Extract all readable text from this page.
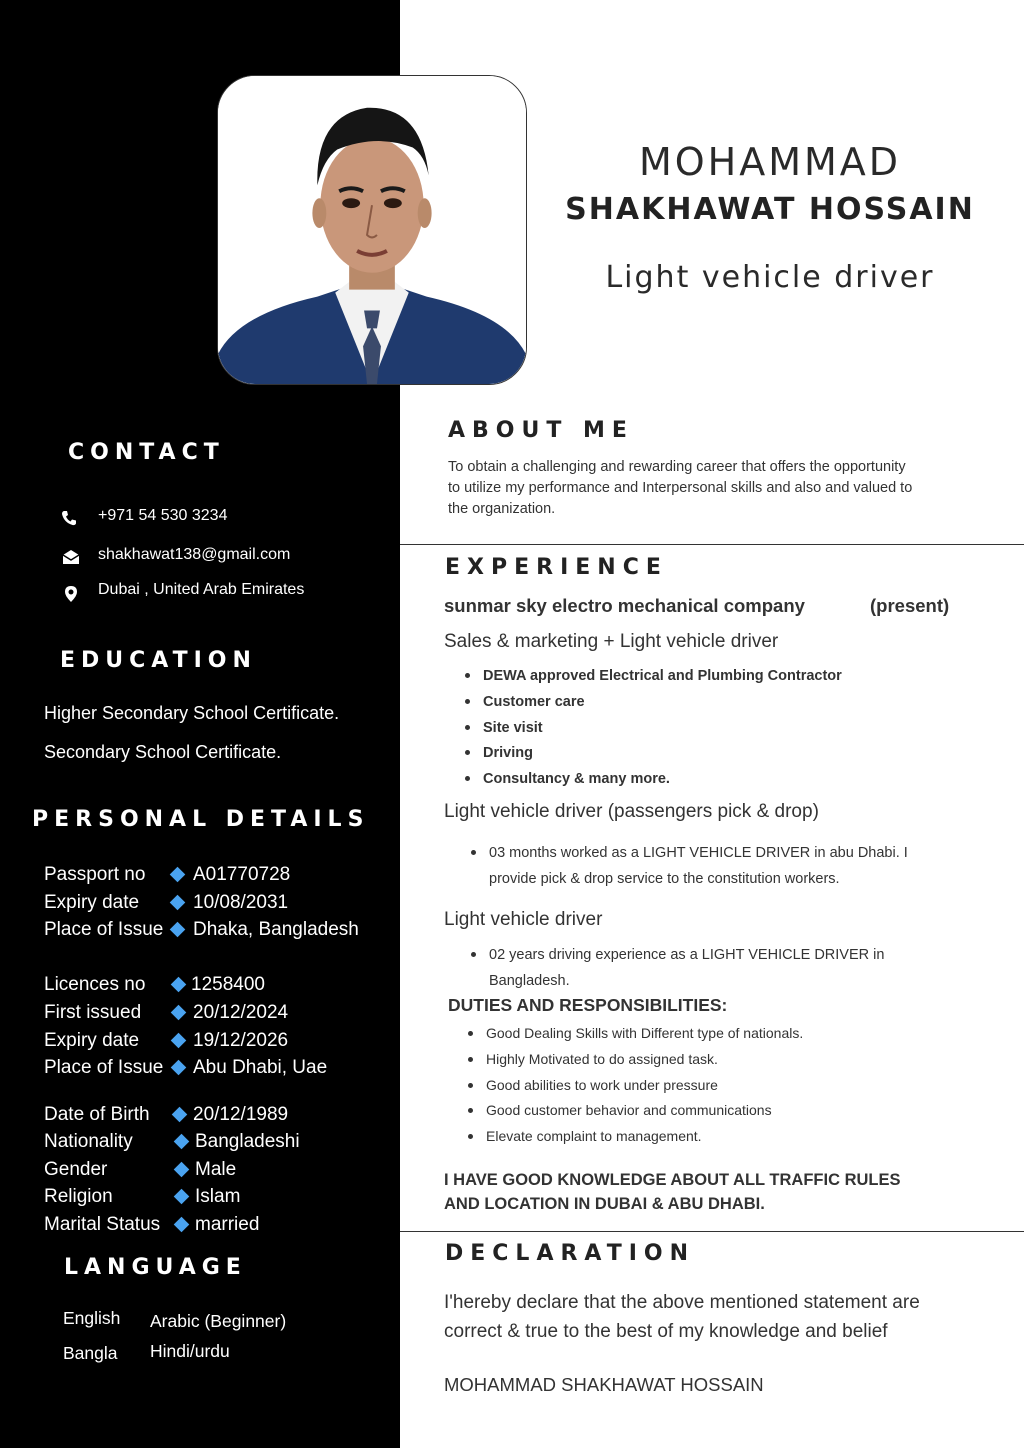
MOHAMMAD
SHAKHAWAT HOSSAIN
Light vehicle driver
CONTACT
+971 54 530 3234
shakhawat138@gmail.com
Dubai , United Arab Emirates
EDUCATION
Higher Secondary School Certificate.
Secondary School Certificate.
PERSONAL DETAILS
Passport no	A01770728
Expiry date	10/08/2031
Place of Issue Dhaka, Bangladesh
Licences no 1258400
First issued	20/12/2024
Expiry date	19/12/2026
Place of Issue Abu Dhabi, Uae
Date of Birth 20/12/1989
Nationality	Bangladeshi
Gender	Male
Religion	Islam
Marital Status married
LANGUAGE
English Arabic (Beginner)
Bangla Hindi/urdu
ABOUT ME
To obtain a challenging and rewarding career that offers the opportunity
to utilize my performance and Interpersonal skills and also and valued to
the organization.
EXPERIENCE
sunmar sky electro mechanical company	(present)
Sales & marketing + Light vehicle driver
DEWA approved Electrical and Plumbing Contractor
Customer care
Site visit
Driving
Consultancy & many more.
Light vehicle driver (passengers pick & drop)
03 months worked as a LIGHT VEHICLE DRIVER in abu Dhabi. I provide pick & drop service to the constitution workers.
Light vehicle driver
02 years driving experience as a LIGHT VEHICLE DRIVER in Bangladesh.
DUTIES AND RESPONSIBILITIES:
Good Dealing Skills with Different type of nationals.
Highly Motivated to do assigned task.
Good abilities to work under pressure
Good customer behavior and communications
Elevate complaint to management.
I HAVE GOOD KNOWLEDGE ABOUT ALL TRAFFIC RULES
AND LOCATION IN DUBAI & ABU DHABI.
DECLARATION
I'hereby declare that the above mentioned statement are
correct & true to the best of my knowledge and belief
MOHAMMAD SHAKHAWAT HOSSAIN
